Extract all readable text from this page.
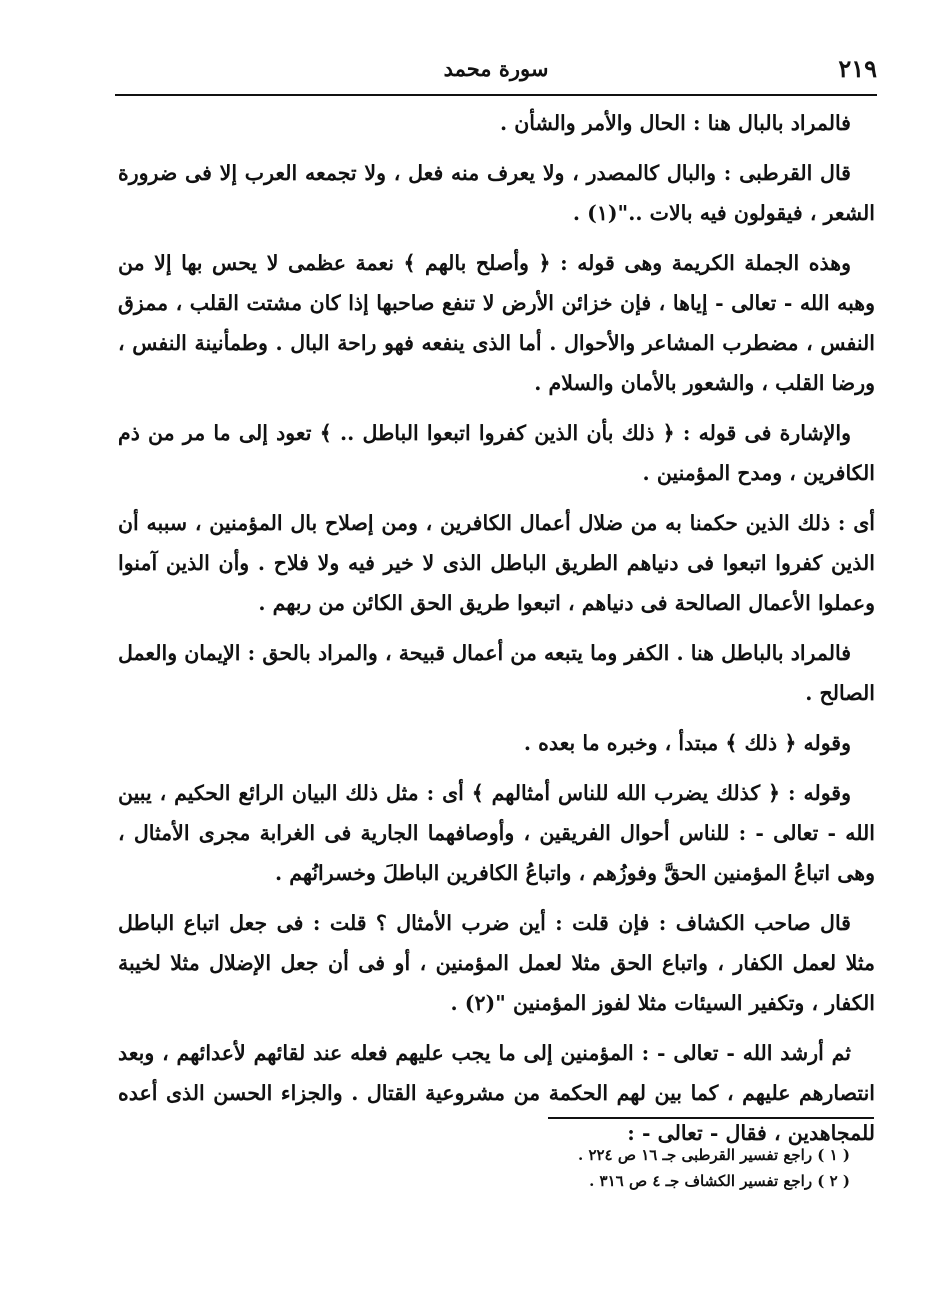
٢١٩
سورة محمد

فالمراد بالبال هنا : الحال والأمر والشأن .

قال القرطبى : والبال كالمصدر ، ولا يعرف منه فعل ، ولا تجمعه العرب إلا فى ضرورة الشعر ، فيقولون فيه بالات .."(١) .

وهذه الجملة الكريمة وهى قوله : ﴿ وأصلح بالهم ﴾ نعمة عظمى لا يحس بها إلا من وهبه الله - تعالى - إياها ، فإن خزائن الأرض لا تنفع صاحبها إذا كان مشتت القلب ، ممزق النفس ، مضطرب المشاعر والأحوال . أما الذى ينفعه فهو راحة البال . وطمأنينة النفس ، ورضا القلب ، والشعور بالأمان والسلام .

والإشارة فى قوله : ﴿ ذلك بأن الذين كفروا اتبعوا الباطل .. ﴾ تعود إلى ما مر من ذم الكافرين ، ومدح المؤمنين .

أى : ذلك الذين حكمنا به من ضلال أعمال الكافرين ، ومن إصلاح بال المؤمنين ، سببه أن الذين كفروا اتبعوا فى دنياهم الطريق الباطل الذى لا خير فيه ولا فلاح . وأن الذين آمنوا وعملوا الأعمال الصالحة فى دنياهم ، اتبعوا طريق الحق الكائن من ربهم .

فالمراد بالباطل هنا . الكفر وما يتبعه من أعمال قبيحة ، والمراد بالحق : الإيمان والعمل الصالح .

وقوله ﴿ ذلك ﴾ مبتدأ ، وخبره ما بعده .

وقوله : ﴿ كذلك يضرب الله للناس أمثالهم ﴾ أى : مثل ذلك البيان الرائع الحكيم ، يبين الله - تعالى - : للناس أحوال الفريقين ، وأوصافهما الجارية فى الغرابة مجرى الأمثال ، وهى اتباعُ المؤمنين الحقَّ وفوزُهم ، واتباعُ الكافرين الباطلَ وخسرانُهم .

قال صاحب الكشاف : فإن قلت : أين ضرب الأمثال ؟ قلت : فى جعل اتباع الباطل مثلا لعمل الكفار ، واتباع الحق مثلا لعمل المؤمنين ، أو فى أن جعل الإضلال مثلا لخيبة الكفار ، وتكفير السيئات مثلا لفوز المؤمنين "(٢) .

ثم أرشد الله - تعالى - : المؤمنين إلى ما يجب عليهم فعله عند لقائهم لأعدائهم ، وبعد انتصارهم عليهم ، كما بين لهم الحكمة من مشروعية القتال . والجزاء الحسن الذى أعده للمجاهدين ، فقال - تعالى - :

( ١ ) راجع تفسير القرطبى جـ ١٦ ص ٢٢٤ .
( ٢ ) راجع تفسير الكشاف جـ ٤ ص ٣١٦ .
